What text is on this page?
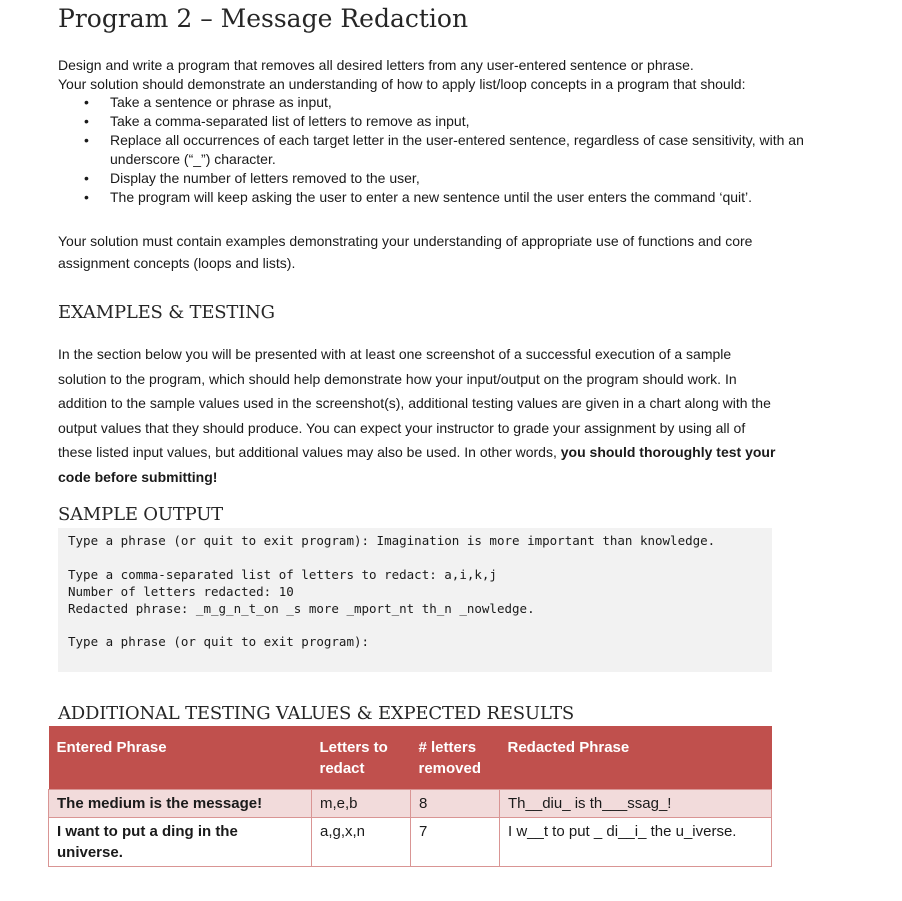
Program 2 – Message Redaction
Design and write a program that removes all desired letters from any user-entered sentence or phrase.
Your solution should demonstrate an understanding of how to apply list/loop concepts in a program that should:
• Take a sentence or phrase as input,
• Take a comma-separated list of letters to remove as input,
• Replace all occurrences of each target letter in the user-entered sentence, regardless of case sensitivity, with an underscore (“_”) character.
• Display the number of letters removed to the user,
• The program will keep asking the user to enter a new sentence until the user enters the command ‘quit’.

Your solution must contain examples demonstrating your understanding of appropriate use of functions and core assignment concepts (loops and lists).

EXAMPLES & TESTING

In the section below you will be presented with at least one screenshot of a successful execution of a sample solution to the program, which should help demonstrate how your input/output on the program should work. In addition to the sample values used in the screenshot(s), additional testing values are given in a chart along with the output values that they should produce. You can expect your instructor to grade your assignment by using all of these listed input values, but additional values may also be used. In other words, you should thoroughly test your code before submitting!

SAMPLE OUTPUT
Type a phrase (or quit to exit program): Imagination is more important than knowledge.
Type a comma-separated list of letters to redact: a,i,k,j
Number of letters redacted: 10
Redacted phrase: _m_g_n_t_on _s more _mport_nt th_n _nowledge.
Type a phrase (or quit to exit program):
ADDITIONAL TESTING VALUES & EXPECTED RESULTS
Entered Phrase	Letters to redact	# letters removed	Redacted Phrase
The medium is the message!	m,e,b	8	Th__diu_ is th___ssag_!
I want to put a ding in the universe.	a,g,x,n	7	I w__t to put _ di__i_ the u_iverse.
